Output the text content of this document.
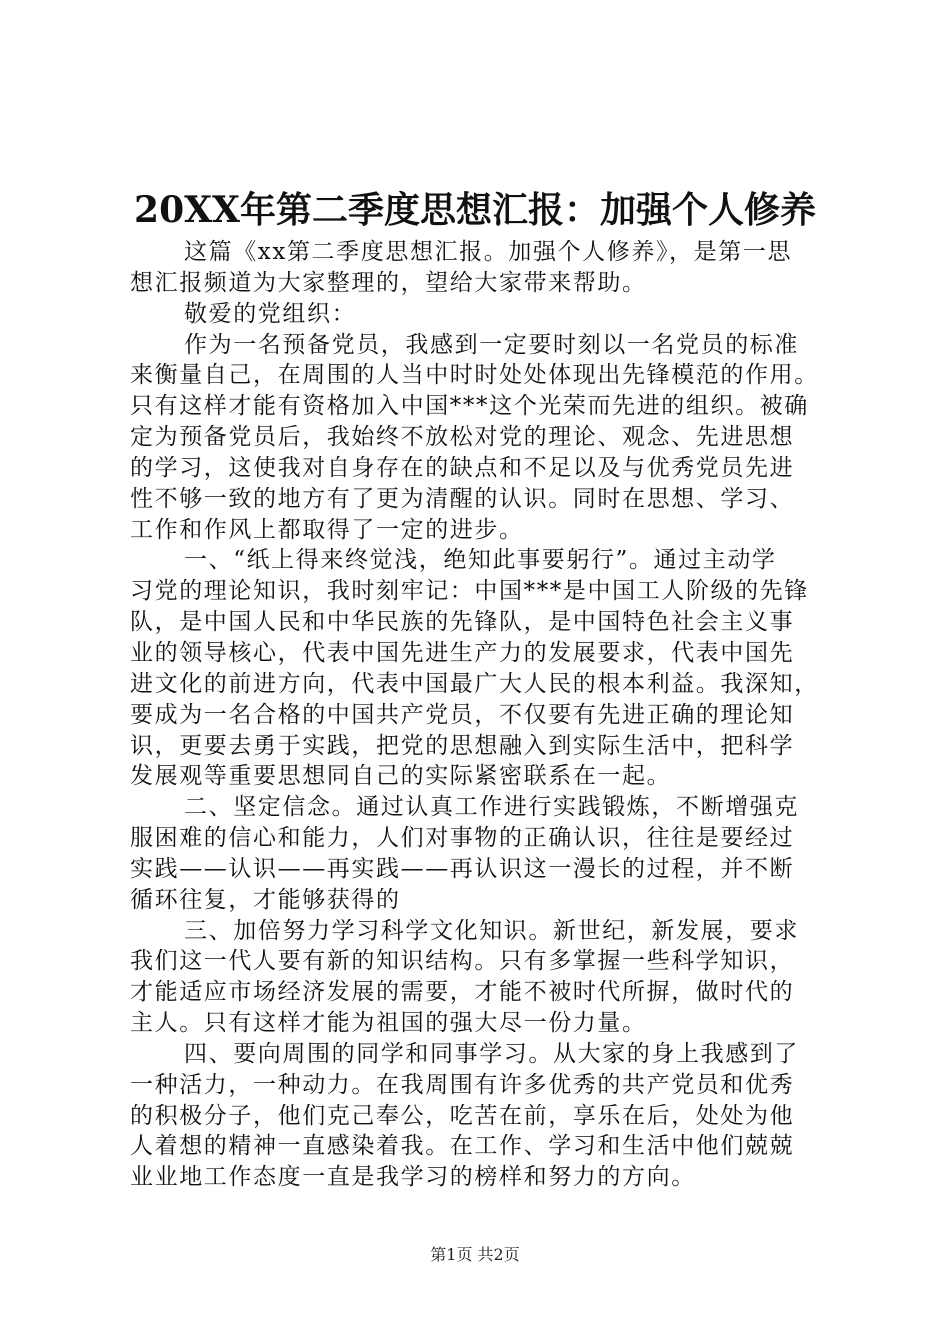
20XX年第二季度思想汇报：加强个人修养
这篇《xx第二季度思想汇报。加强个人修养》，是第一思
想汇报频道为大家整理的，望给大家带来帮助。
敬爱的党组织：
作为一名预备党员，我感到一定要时刻以一名党员的标准
来衡量自己，在周围的人当中时时处处体现出先锋模范的作用。
只有这样才能有资格加入中国***这个光荣而先进的组织。被确
定为预备党员后，我始终不放松对党的理论、观念、先进思想
的学习，这使我对自身存在的缺点和不足以及与优秀党员先进
性不够一致的地方有了更为清醒的认识。同时在思想、学习、
工作和作风上都取得了一定的进步。
一、“纸上得来终觉浅，绝知此事要躬行”。通过主动学
习党的理论知识，我时刻牢记：中国***是中国工人阶级的先锋
队，是中国人民和中华民族的先锋队，是中国特色社会主义事
业的领导核心，代表中国先进生产力的发展要求，代表中国先
进文化的前进方向，代表中国最广大人民的根本利益。我深知，
要成为一名合格的中国共产党员，不仅要有先进正确的理论知
识，更要去勇于实践，把党的思想融入到实际生活中，把科学
发展观等重要思想同自己的实际紧密联系在一起。
二、坚定信念。通过认真工作进行实践锻炼，不断增强克
服困难的信心和能力，人们对事物的正确认识，往往是要经过
实践——认识——再实践——再认识这一漫长的过程，并不断
循环往复，才能够获得的
三、加倍努力学习科学文化知识。新世纪，新发展，要求
我们这一代人要有新的知识结构。只有多掌握一些科学知识，
才能适应市场经济发展的需要，才能不被时代所摒，做时代的
主人。只有这样才能为祖国的强大尽一份力量。
四、要向周围的同学和同事学习。从大家的身上我感到了
一种活力，一种动力。在我周围有许多优秀的共产党员和优秀
的积极分子，他们克己奉公，吃苦在前，享乐在后，处处为他
人着想的精神一直感染着我。在工作、学习和生活中他们兢兢
业业地工作态度一直是我学习的榜样和努力的方向。
第1页 共2页
